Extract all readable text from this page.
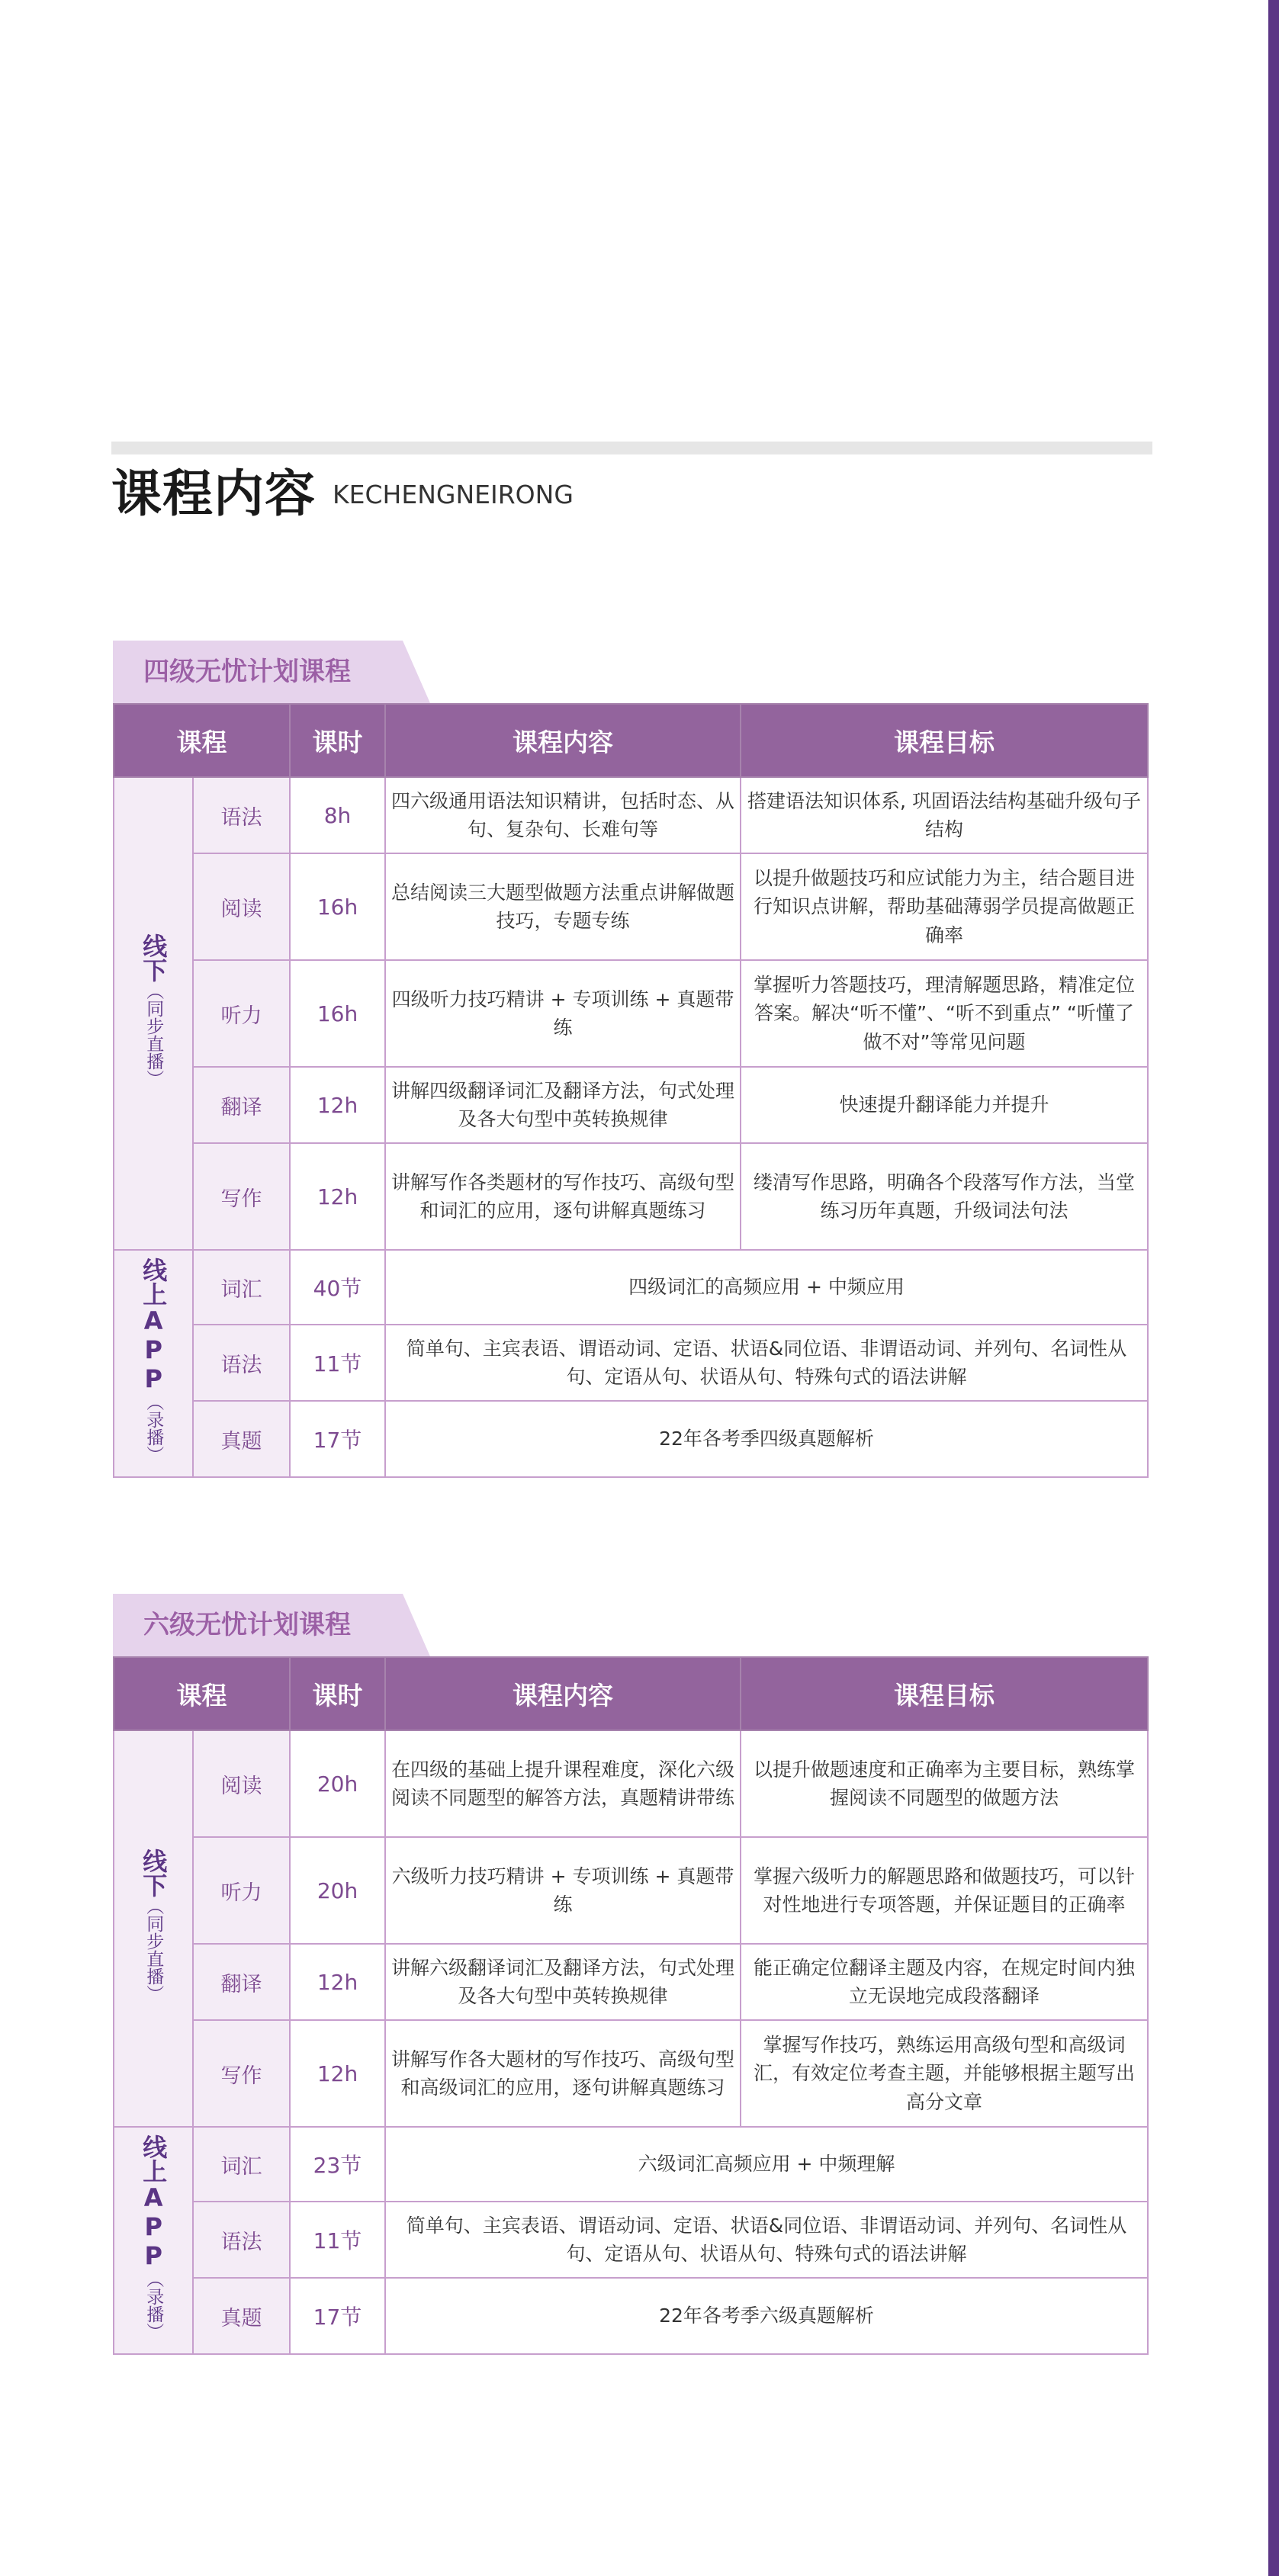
课程内容 KECHENGNEIRONG
四级无忧计划课程
课程		课时	课程内容	课程目标
线下（同步直播）	语法	8h	四六级通用语法知识精讲，包括时态、从句、复杂句、长难句等	搭建语法知识体系, 巩固语法结构基础升级句子结构
	阅读	16h	总结阅读三大题型做题方法重点讲解做题技巧，专题专练	以提升做题技巧和应试能力为主，结合题目进行知识点讲解，帮助基础薄弱学员提高做题正确率
	听力	16h	四级听力技巧精讲 + 专项训练 + 真题带练	掌握听力答题技巧，理清解题思路，精准定位答案。解决“听不懂”、“听不到重点” “听懂了做不对”等常见问题
	翻译	12h	讲解四级翻译词汇及翻译方法，句式处理及各大句型中英转换规律	快速提升翻译能力并提升
	写作	12h	讲解写作各类题材的写作技巧、高级句型和词汇的应用，逐句讲解真题练习	缕清写作思路，明确各个段落写作方法，当堂练习历年真题，升级词法句法
线上APP（录播）	词汇	40节	四级词汇的高频应用 + 中频应用	
	语法	11节	简单句、主宾表语、谓语动词、定语、状语&同位语、非谓语动词、并列句、名词性从句、定语从句、状语从句、特殊句式的语法讲解	
	真题	17节	22年各考季四级真题解析	
六级无忧计划课程
课程		课时	课程内容	课程目标
线下（同步直播）	阅读	20h	在四级的基础上提升课程难度，深化六级阅读不同题型的解答方法，真题精讲带练	以提升做题速度和正确率为主要目标，熟练掌握阅读不同题型的做题方法
	听力	20h	六级听力技巧精讲 + 专项训练 + 真题带练	掌握六级听力的解题思路和做题技巧，可以针对性地进行专项答题，并保证题目的正确率
	翻译	12h	讲解六级翻译词汇及翻译方法，句式处理及各大句型中英转换规律	能正确定位翻译主题及内容，在规定时间内独立无误地完成段落翻译
	写作	12h	讲解写作各大题材的写作技巧、高级句型和高级词汇的应用，逐句讲解真题练习	掌握写作技巧，熟练运用高级句型和高级词汇，有效定位考查主题，并能够根据主题写出高分文章
线上APP（录播）	词汇	23节	六级词汇高频应用 + 中频理解	
	语法	11节	简单句、主宾表语、谓语动词、定语、状语&同位语、非谓语动词、并列句、名词性从句、定语从句、状语从句、特殊句式的语法讲解	
	真题	17节	22年各考季六级真题解析	
